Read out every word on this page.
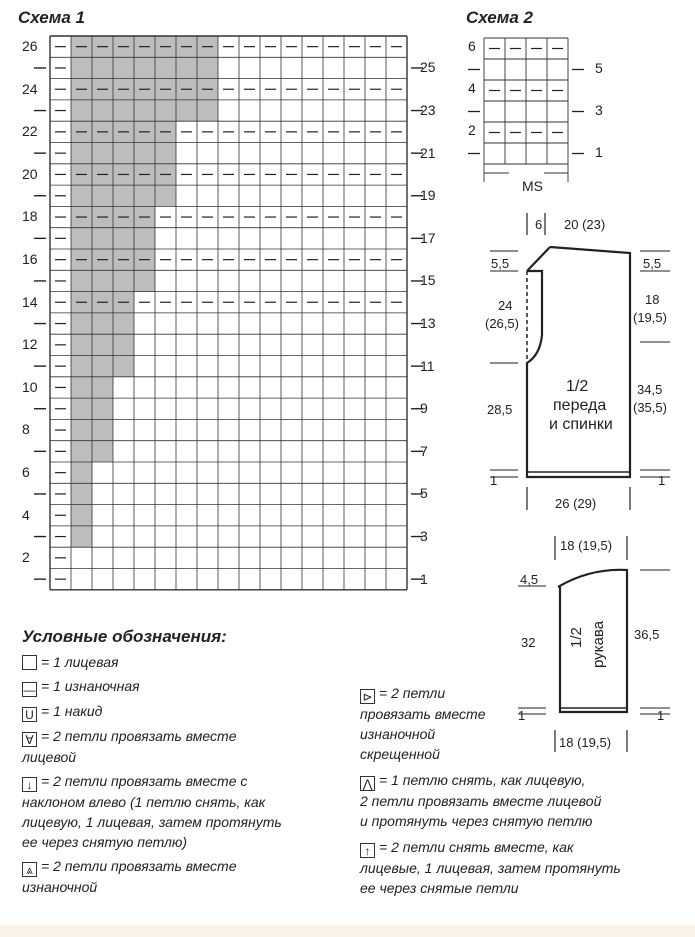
Схема 1	Схема 2
26
24
22
20
18
16
14
12
10
8
6
4
2
25
23
21
19
17
15
13
11
9
7
5
3
1
6
4
2
5
3
1
MS
6 20 (23)
5,5	5,5
24
(26,5)
18
(19,5)
28,5
34,5
(35,5)
1	1
26 (29)
1/2
переда
и спинки
18 (19,5)
4,5
32
36,5
1	1
18 (19,5)
1/2 рукава
Условные обозначения:
= 1 лицевая
— = 1 изнаночная
U = 1 накид
∀ = 2 петли провязать вместе
лицевой
↓ = 2 петли провязать вместе с
наклоном влево (1 петлю снять, как
лицевую, 1 лицевая, затем протянуть
ее через снятую петлю)
⩓ = 2 петли провязать вместе
изнаночной
⊳ = 2 петли
провязать вместе
изнаночной
скрещенной
⋀ = 1 петлю снять, как лицевую,
2 петли провязать вместе лицевой
и протянуть через снятую петлю
↑ = 2 петли снять вместе, как
лицевые, 1 лицевая, затем протянуть
ее через снятые петли
